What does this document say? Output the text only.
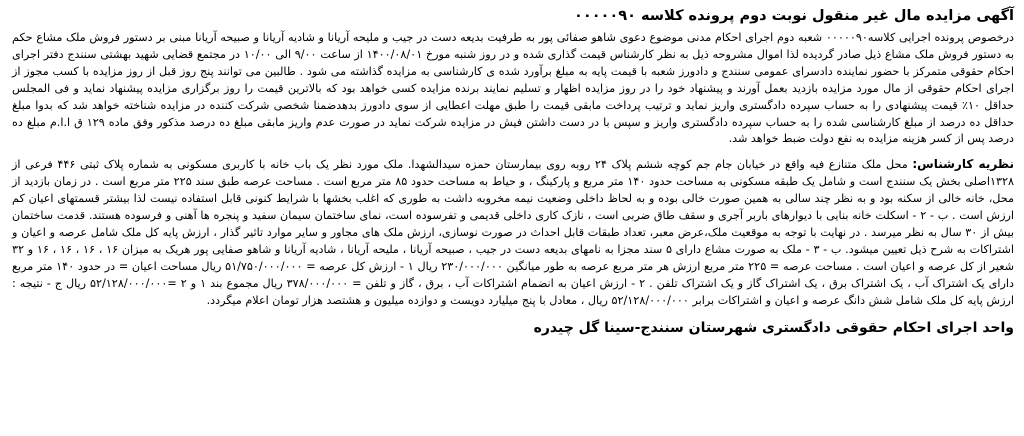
آگهی مزایده مال غیر منقول نوبت دوم پرونده کلاسه ۰۰۰۰۰۹۰

درخصوص پرونده اجرایی کلاسه۰۰۰۰۰۹۰ شعبه دوم اجرای احکام مدنی موضوع دعوی شاهو صفائی پور به طرفیت بدیعه دست در جیب و ملیحه آریانا و شادیه آریانا و صبیحه آریانا مبنی بر دستور فروش ملک مشاع حکم به دستور فروش ملک مشاع ذیل صادر گردیده لذا اموال مشروحه ذیل به نظر کارشناس قیمت گذاری شده و در روز شنبه مورخ ۱۴۰۰/۰۸/۰۱ از ساعت ۹/۰۰ الی ۱۰/۰۰ در مجتمع قضایی شهید بهشتی سنندج دفتر اجرای احکام حقوقی متمرکز با حضور نماینده دادسرای عمومی سنندج و دادورز شعبه با قیمت پایه به مبلغ برآورد شده ی کارشناسی به مزایده گذاشته می شود . طالبین می توانند پنج روز قبل از روز مزایده با کسب مجوز از اجرای احکام حقوقی از مال مورد مزایده بازدید بعمل آورند و پیشنهاد خود را در روز مزایده اظهار و تسلیم نمایند برنده مزایده کسی خواهد بود که بالاترین قیمت را روز برگزاری مزایده پیشنهاد نماید و فی المجلس حداقل ۱۰٪ قیمت پیشنهادی را به حساب سپرده دادگستری واریز نماید و ترتیب پرداخت مابقی قیمت را طبق مهلت اعطایی از سوی دادورز بدهدضمنا شخصی شرکت کننده در مزایده شناخته خواهد شد که بدوا مبلغ حداقل ده درصد از مبلغ کارشناسی شده را به حساب سپرده دادگستری واریز و سپس با در دست داشتن فیش در مزایده شرکت نماید در صورت عدم واریز مابقی مبلغ ده درصد مذکور وفق ماده ۱۲۹ ق ا.ا.م مبلغ ده درصد پس از کسر هزینه مزایده به نفع دولت ضبط خواهد شد.

نظریه کارشناس: محل ملک متنازع فیه واقع در خیابان جام جم کوچه ششم پلاک ۲۴ روبه روی بیمارستان حمزه سیدالشهدا. ملک مورد نظر یک باب خانه با کاربری مسکونی به شماره پلاک ثبتی ۴۴۶ فرعی از ۱۳۲۸اصلی بخش یک سنندج است و شامل یک طبقه مسکونی به مساحت حدود ۱۴۰ متر مربع و پارکینگ ، و حیاط به مساحت حدود ۸۵ متر مربع است . مساحت عرصه طبق سند ۲۲۵ متر مربع است . در زمان بازدید از محل، خانه خالی از سکنه بود و به نظر چند سالی به همین صورت خالی بوده و به لحاظ داخلی وضعیت نیمه مخروبه داشت به طوری که اغلب بخشها با شرایط کنونی قابل استفاده نیست لذا بیشتر قسمتهای اعیان کم ارزش است . ب - ۲ - اسکلت خانه بنایی با دیوارهای باربر آجری و سقف طاق ضربی است ، نازک کاری داخلی قدیمی و تفرسوده است، نمای ساختمان سیمان سفید و پنجره ها آهنی و فرسوده هستند. قدمت ساختمان بیش از ۳۰ سال به نظر میرسد . در نهایت با توجه به موقعیت ملک،عرض معبر، تعداد طبقات قابل احداث در صورت نوسازی، ارزش ملک های مجاور و سایر موارد تاثیر گذار ، ارزش پایه کل ملک شامل عرصه و اعیان و اشتراکات به شرح ذیل تعیین میشود. ب - ۳ - ملک به صورت مشاع دارای ۵ سند مجزا به نامهای بدیعه دست در جیب ، صبیحه آریانا ، ملیحه آریانا ، شادیه آریانا و شاهو صفایی پور هریک به میزان ۱۶ ، ۱۶ ، ۱۶ ، ۱۶ و ۳۲ شعیر از کل عرصه و اعیان است . مساحت عرصه = ۲۲۵ متر مربع ارزش هر متر مربع عرصه به طور میانگین ۲۳۰/۰۰۰/۰۰۰ ریال ۱ - ارزش کل عرصه = ۵۱/۷۵۰/۰۰۰/۰۰۰ ریال مساحت اعیان = در حدود ۱۴۰ متر مربع دارای یک اشتراک آب ، یک اشتراک برق ، یک اشتراک گاز و یک اشتراک تلفن . ۲ - ارزش اعیان به انضمام اشتراکات آب ، برق ، گاز و تلفن = ۳۷۸/۰۰۰/۰۰۰ ریال مجموع بند ۱ و ۲ =۵۲/۱۲۸/۰۰۰/۰۰۰ ریال ج - نتیجه : ارزش پایه کل ملک شامل شش دانگ عرصه و اعیان و اشتراکات برابر ۵۲/۱۲۸/۰۰۰/۰۰۰ ریال ، معادل با پنج میلیارد دویست و دوازده میلیون و هشتصد هزار تومان اعلام میگردد.

واحد اجرای احکام حقوقی دادگستری شهرستان سنندج-سینا گل چیدره
